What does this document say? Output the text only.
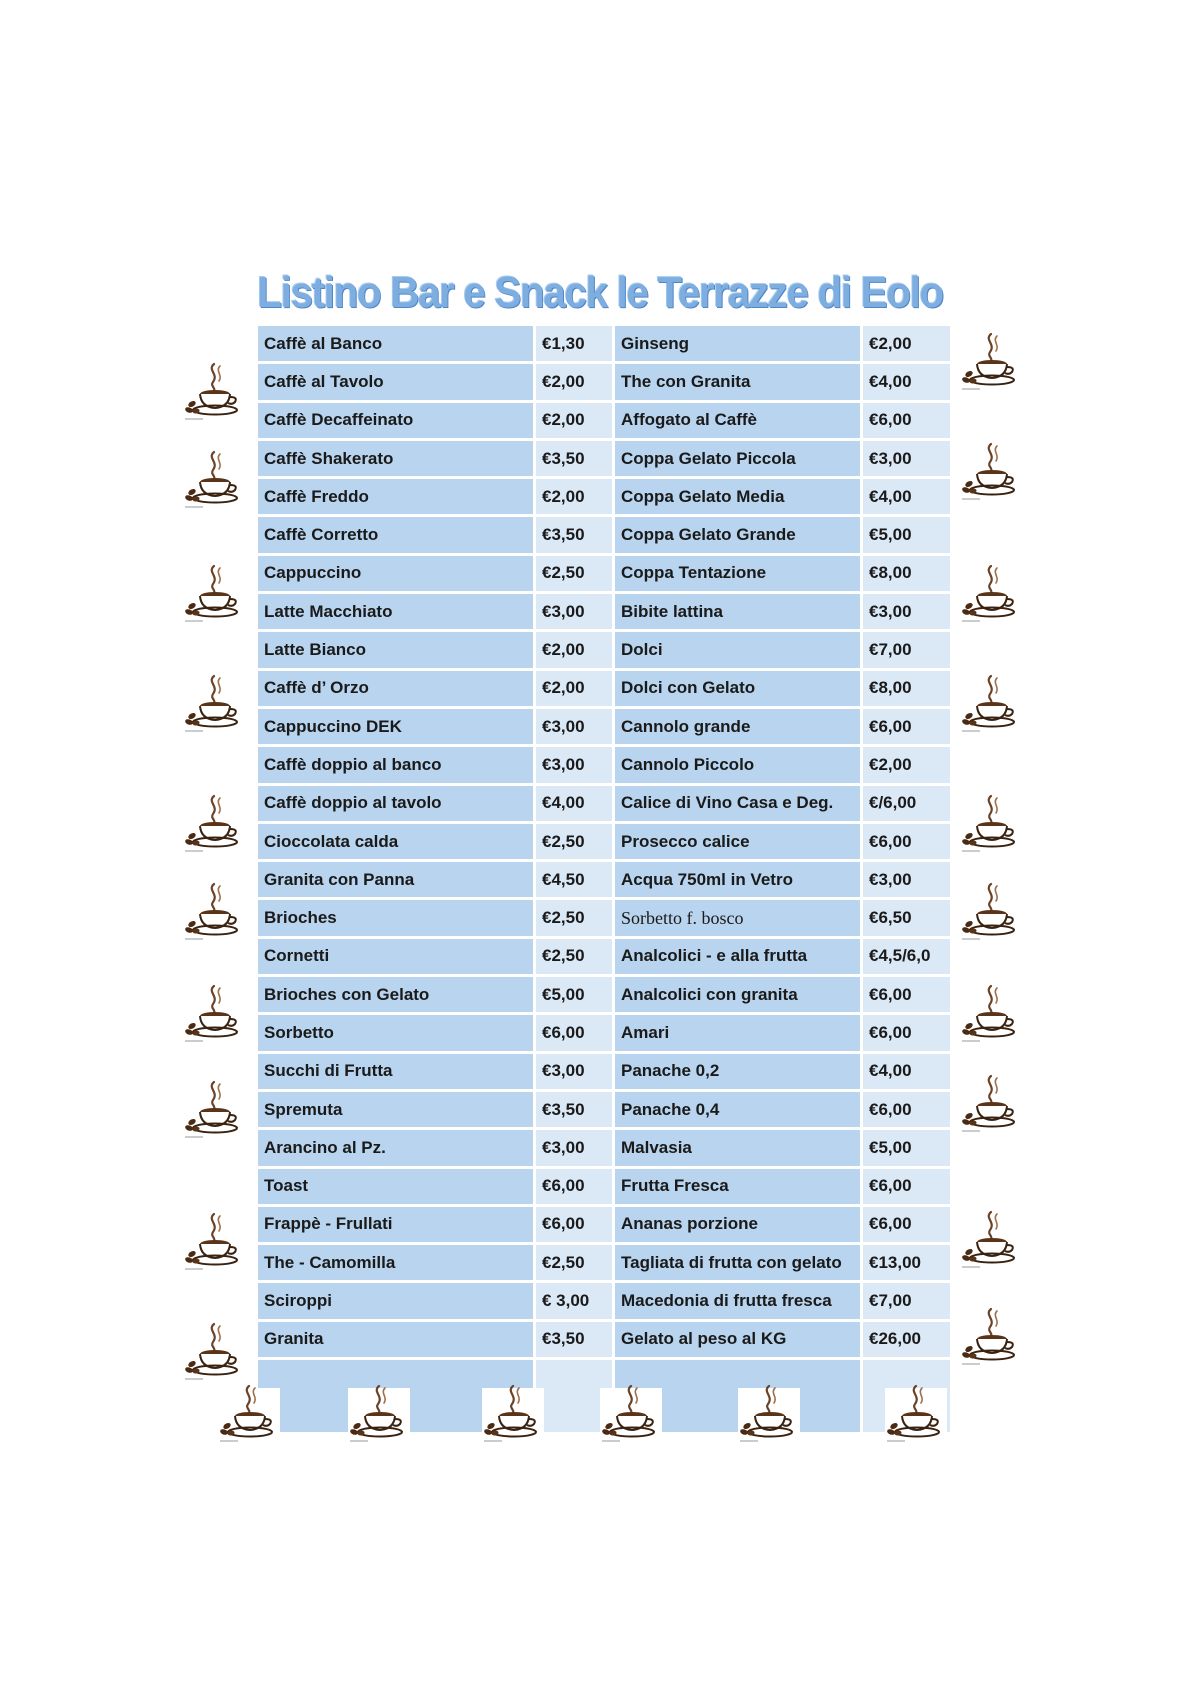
Listino Bar e Snack le Terrazze di Eolo
Caffè al Banco	€1,30	Ginseng	€2,00
Caffè al Tavolo	€2,00	The con Granita	€4,00
Caffè Decaffeinato	€2,00	Affogato al Caffè	€6,00
Caffè Shakerato	€3,50	Coppa Gelato Piccola	€3,00
Caffè Freddo	€2,00	Coppa Gelato Media	€4,00
Caffè Corretto	€3,50	Coppa Gelato Grande	€5,00
Cappuccino	€2,50	Coppa Tentazione	€8,00
Latte Macchiato	€3,00	Bibite lattina	€3,00
Latte Bianco	€2,00	Dolci	€7,00
Caffè d’ Orzo	€2,00	Dolci con Gelato	€8,00
Cappuccino DEK	€3,00	Cannolo grande	€6,00
Caffè doppio al banco	€3,00	Cannolo Piccolo	€2,00
Caffè doppio al tavolo	€4,00	Calice di Vino Casa e Deg.	€/6,00
Cioccolata calda	€2,50	Prosecco calice	€6,00
Granita con Panna	€4,50	Acqua 750ml in Vetro	€3,00
Brioches	€2,50	Sorbetto f. bosco	€6,50
Cornetti	€2,50	Analcolici - e alla frutta	€4,5/6,0
Brioches con Gelato	€5,00	Analcolici con granita	€6,00
Sorbetto	€6,00	Amari	€6,00
Succhi di Frutta	€3,00	Panache 0,2	€4,00
Spremuta	€3,50	Panache 0,4	€6,00
Arancino al Pz.	€3,00	Malvasia	€5,00
Toast	€6,00	Frutta Fresca	€6,00
Frappè - Frullati	€6,00	Ananas porzione	€6,00
The - Camomilla	€2,50	Tagliata di frutta con gelato	€13,00
Sciroppi	€ 3,00	Macedonia di frutta fresca	€7,00
Granita	€3,50	Gelato al peso al KG	€26,00
